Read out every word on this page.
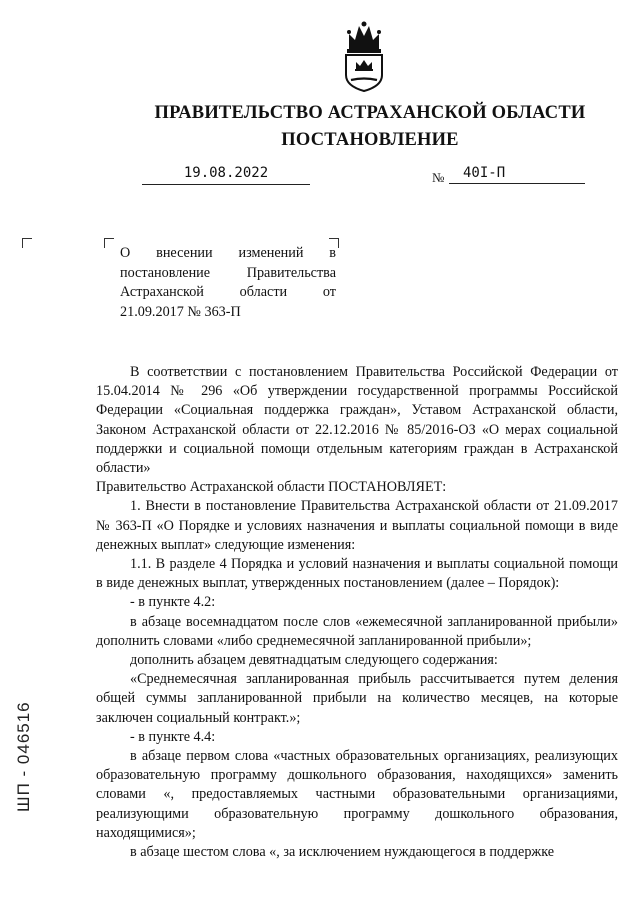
ПРАВИТЕЛЬСТВО АСТРАХАНСКОЙ ОБЛАСТИ
ПОСТАНОВЛЕНИЕ
19.08.2022	№	40I-П
О внесении изменений в постановление Правительства Астраханской области от 21.09.2017 № 363-П

В соответствии с постановлением Правительства Российской Федерации от 15.04.2014 № 296 «Об утверждении государственной программы Российской Федерации «Социальная поддержка граждан», Уставом Астраханской области, Законом Астраханской области от 22.12.2016 № 85/2016-ОЗ «О мерах социальной поддержки и социальной помощи отдельным категориям граждан в Астраханской области»

Правительство Астраханской области ПОСТАНОВЛЯЕТ:

1. Внести в постановление Правительства Астраханской области от 21.09.2017 № 363-П «О Порядке и условиях назначения и выплаты социальной помощи в виде денежных выплат» следующие изменения:

1.1. В разделе 4 Порядка и условий назначения и выплаты социальной помощи в виде денежных выплат, утвержденных постановлением (далее – Порядок):

- в пункте 4.2:

в абзаце восемнадцатом после слов «ежемесячной запланированной прибыли» дополнить словами «либо среднемесячной запланированной прибыли»;

дополнить абзацем девятнадцатым следующего содержания:

«Среднемесячная запланированная прибыль рассчитывается путем деления общей суммы запланированной прибыли на количество месяцев, на которые заключен социальный контракт.»;

- в пункте 4.4:

в абзаце первом слова «частных образовательных организациях, реализующих образовательную программу дошкольного образования, находящихся» заменить словами «, предоставляемых частными образовательными организациями, реализующими образовательную программу дошкольного образования, находящимися»;

в абзаце шестом слова «, за исключением нуждающегося в поддержке

ШП - 046516
